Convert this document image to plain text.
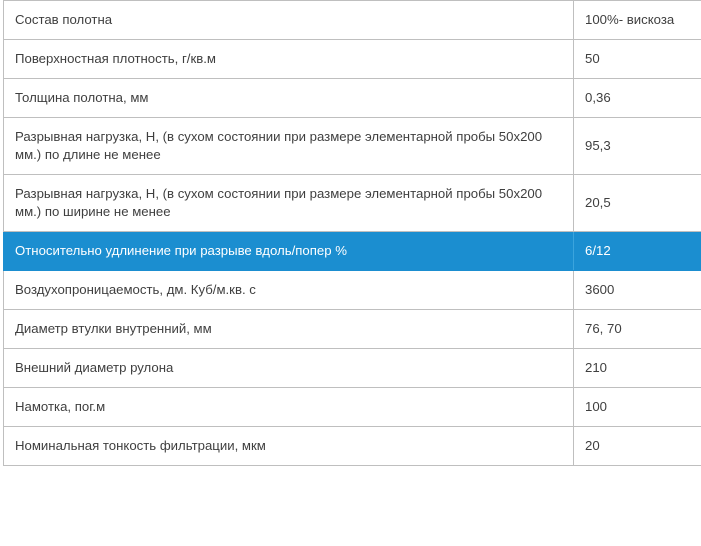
Состав полотна	100%- вискоза
Поверхностная плотность, г/кв.м	50
Толщина полотна, мм	0,36
Разрывная нагрузка, Н, (в сухом состоянии при размере элементарной пробы 50х200 мм.) по длине не менее	95,3
Разрывная нагрузка, Н, (в сухом состоянии при размере элементарной пробы 50х200 мм.) по ширине не менее	20,5
Относительно удлинение при разрыве вдоль/попер %	6/12
Воздухопроницаемость, дм. Куб/м.кв. с	3600
Диаметр втулки внутренний, мм	76, 70
Внешний диаметр рулона	210
Намотка, пог.м	100
Номинальная тонкость фильтрации, мкм	20
